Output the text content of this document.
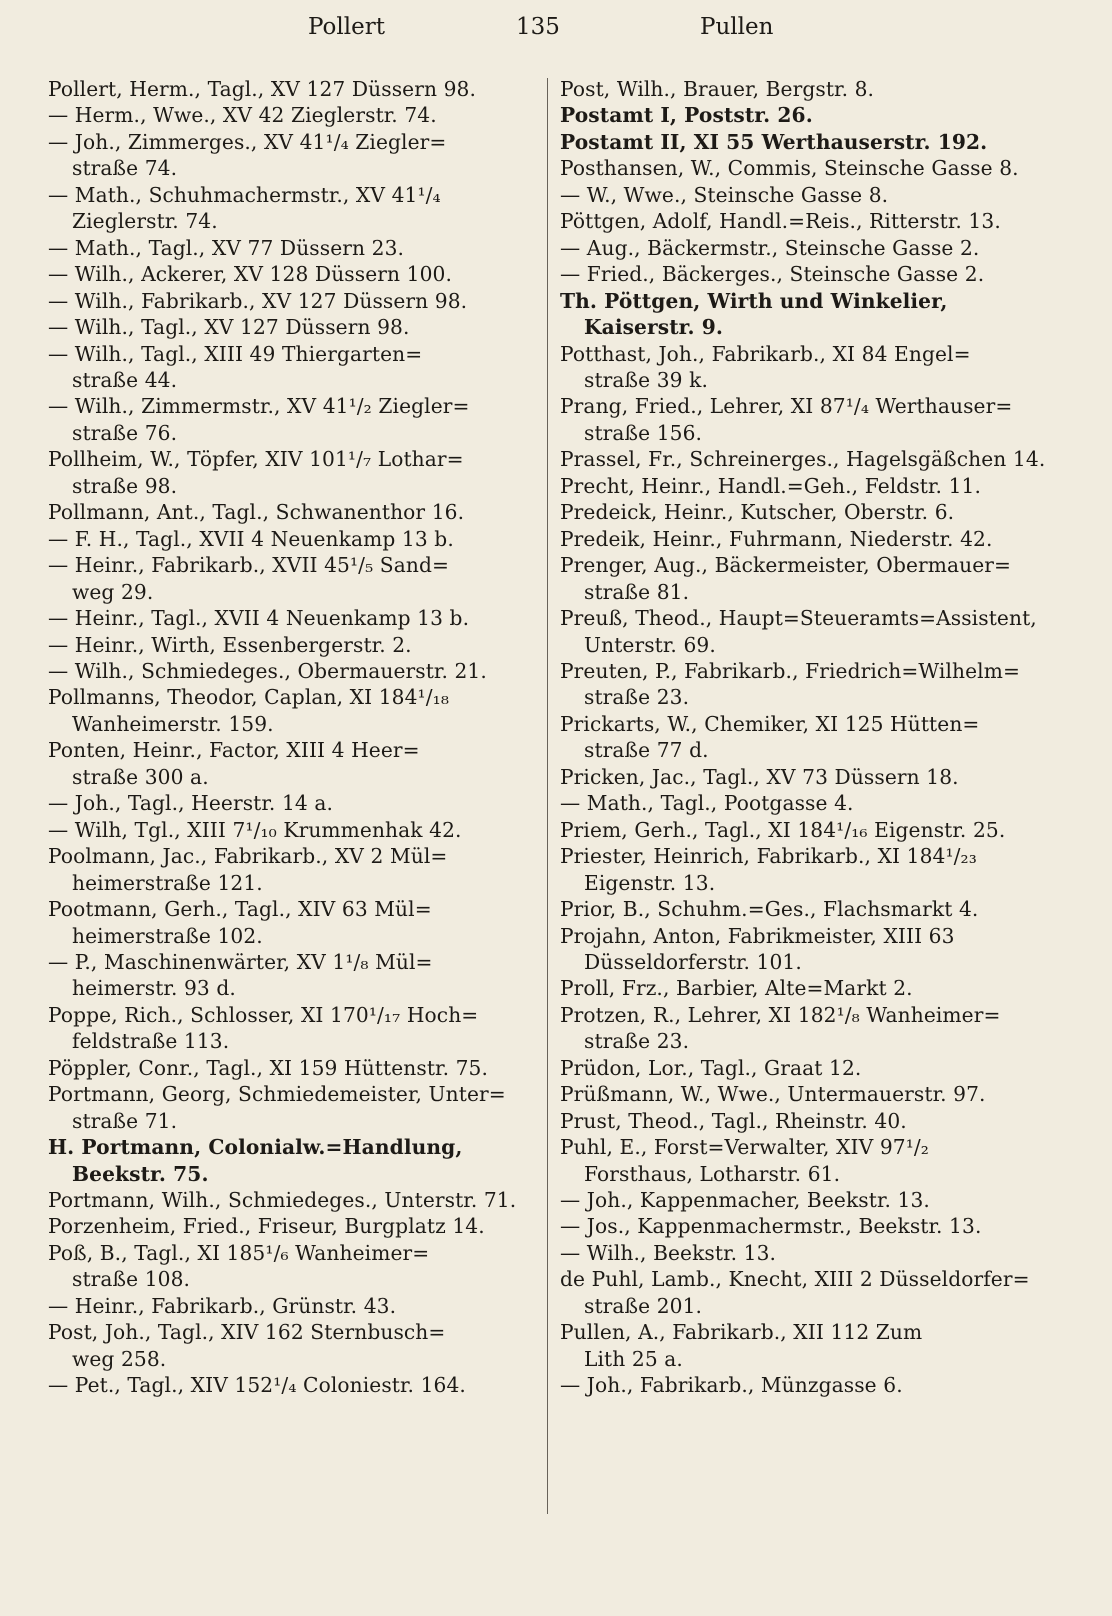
Pollert	135	Pullen
Pollert, Herm., Tagl., XV 127 Düssern 98.
— Herm., Wwe., XV 42 Zieglerstr. 74.
— Joh., Zimmerges., XV 41¹/₄ Ziegler=
straße 74.
— Math., Schuhmachermstr., XV 41¹/₄
Zieglerstr. 74.
— Math., Tagl., XV 77 Düssern 23.
— Wilh., Ackerer, XV 128 Düssern 100.
— Wilh., Fabrikarb., XV 127 Düssern 98.
— Wilh., Tagl., XV 127 Düssern 98.
— Wilh., Tagl., XIII 49 Thiergarten=
straße 44.
— Wilh., Zimmermstr., XV 41¹/₂ Ziegler=
straße 76.
Pollheim, W., Töpfer, XIV 101¹/₇ Lothar=
straße 98.
Pollmann, Ant., Tagl., Schwanenthor 16.
— F. H., Tagl., XVII 4 Neuenkamp 13 b.
— Heinr., Fabrikarb., XVII 45¹/₅ Sand=
weg 29.
— Heinr., Tagl., XVII 4 Neuenkamp 13 b.
— Heinr., Wirth, Essenbergerstr. 2.
— Wilh., Schmiedeges., Obermauerstr. 21.
Pollmanns, Theodor, Caplan, XI 184¹/₁₈
Wanheimerstr. 159.
Ponten, Heinr., Factor, XIII 4 Heer=
straße 300 a.
— Joh., Tagl., Heerstr. 14 a.
— Wilh, Tgl., XIII 7¹/₁₀ Krummenhak 42.
Poolmann, Jac., Fabrikarb., XV 2 Mül=
heimerstraße 121.
Pootmann, Gerh., Tagl., XIV 63 Mül=
heimerstraße 102.
— P., Maschinenwärter, XV 1¹/₈ Mül=
heimerstr. 93 d.
Poppe, Rich., Schlosser, XI 170¹/₁₇ Hoch=
feldstraße 113.
Pöppler, Conr., Tagl., XI 159 Hüttenstr. 75.
Portmann, Georg, Schmiedemeister, Unter=
straße 71.
H. Portmann, Colonialw.=Handlung,
Beekstr. 75.
Portmann, Wilh., Schmiedeges., Unterstr. 71.
Porzenheim, Fried., Friseur, Burgplatz 14.
Poß, B., Tagl., XI 185¹/₆ Wanheimer=
straße 108.
— Heinr., Fabrikarb., Grünstr. 43.
Post, Joh., Tagl., XIV 162 Sternbusch=
weg 258.
— Pet., Tagl., XIV 152¹/₄ Coloniestr. 164.
Post, Wilh., Brauer, Bergstr. 8.
Postamt I, Poststr. 26.
Postamt II, XI 55 Werthauserstr. 192.
Posthansen, W., Commis, Steinsche Gasse 8.
— W., Wwe., Steinsche Gasse 8.
Pöttgen, Adolf, Handl.=Reis., Ritterstr. 13.
— Aug., Bäckermstr., Steinsche Gasse 2.
— Fried., Bäckerges., Steinsche Gasse 2.
Th. Pöttgen, Wirth und Winkelier,
Kaiserstr. 9.
Potthast, Joh., Fabrikarb., XI 84 Engel=
straße 39 k.
Prang, Fried., Lehrer, XI 87¹/₄ Werthauser=
straße 156.
Prassel, Fr., Schreinerges., Hagelsgäßchen 14.
Precht, Heinr., Handl.=Geh., Feldstr. 11.
Predeick, Heinr., Kutscher, Oberstr. 6.
Predeik, Heinr., Fuhrmann, Niederstr. 42.
Prenger, Aug., Bäckermeister, Obermauer=
straße 81.
Preuß, Theod., Haupt=Steueramts=Assistent,
Unterstr. 69.
Preuten, P., Fabrikarb., Friedrich=Wilhelm=
straße 23.
Prickarts, W., Chemiker, XI 125 Hütten=
straße 77 d.
Pricken, Jac., Tagl., XV 73 Düssern 18.
— Math., Tagl., Pootgasse 4.
Priem, Gerh., Tagl., XI 184¹/₁₆ Eigenstr. 25.
Priester, Heinrich, Fabrikarb., XI 184¹/₂₃
Eigenstr. 13.
Prior, B., Schuhm.=Ges., Flachsmarkt 4.
Projahn, Anton, Fabrikmeister, XIII 63
Düsseldorferstr. 101.
Proll, Frz., Barbier, Alte=Markt 2.
Protzen, R., Lehrer, XI 182¹/₈ Wanheimer=
straße 23.
Prüdon, Lor., Tagl., Graat 12.
Prüßmann, W., Wwe., Untermauerstr. 97.
Prust, Theod., Tagl., Rheinstr. 40.
Puhl, E., Forst=Verwalter, XIV 97¹/₂
Forsthaus, Lotharstr. 61.
— Joh., Kappenmacher, Beekstr. 13.
— Jos., Kappenmachermstr., Beekstr. 13.
— Wilh., Beekstr. 13.
de Puhl, Lamb., Knecht, XIII 2 Düsseldorfer=
straße 201.
Pullen, A., Fabrikarb., XII 112 Zum
Lith 25 a.
— Joh., Fabrikarb., Münzgasse 6.
